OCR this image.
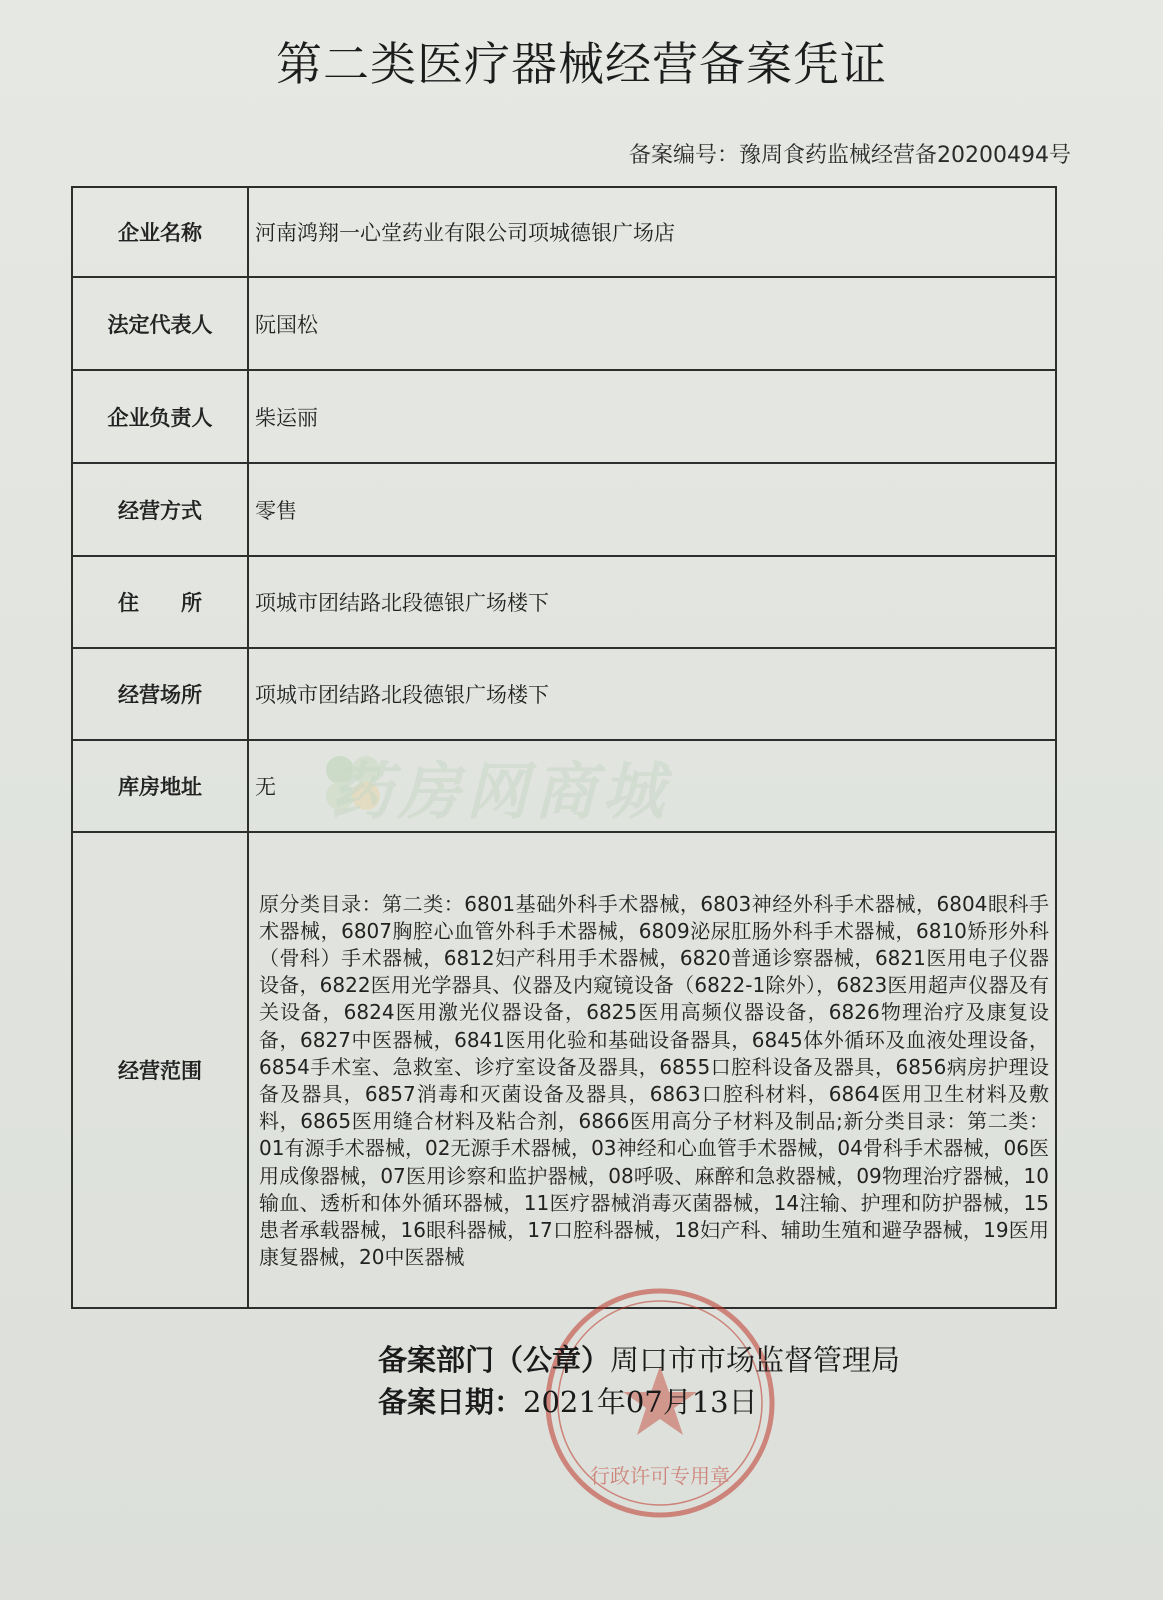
第二类医疗器械经营备案凭证
备案编号：豫周食药监械经营备20200494号
药房网商城
企业名称	河南鸿翔一心堂药业有限公司项城德银广场店
法定代表人	阮国松
企业负责人	柴运丽
经营方式	零售
住　　所	项城市团结路北段德银广场楼下
经营场所	项城市团结路北段德银广场楼下
库房地址	无
经营范围	原分类目录：第二类：6801基础外科手术器械，6803神经外科手术器械，6804眼科手术器械，6807胸腔心血管外科手术器械，6809泌尿肛肠外科手术器械，6810矫形外科（骨科）手术器械，6812妇产科用手术器械，6820普通诊察器械，6821医用电子仪器设备，6822医用光学器具、仪器及内窥镜设备（6822-1除外），6823医用超声仪器及有关设备，6824医用激光仪器设备，6825医用高频仪器设备，6826物理治疗及康复设备，6827中医器械，6841医用化验和基础设备器具，6845体外循环及血液处理设备，6854手术室、急救室、诊疗室设备及器具，6855口腔科设备及器具，6856病房护理设备及器具，6857消毒和灭菌设备及器具，6863口腔科材料，6864医用卫生材料及敷料，6865医用缝合材料及粘合剂，6866医用高分子材料及制品;新分类目录：第二类：01有源手术器械，02无源手术器械，03神经和心血管手术器械，04骨科手术器械，06医用成像器械，07医用诊察和监护器械，08呼吸、麻醉和急救器械，09物理治疗器械，10输血、透析和体外循环器械，11医疗器械消毒灭菌器械，14注输、护理和防护器械，15患者承载器械，16眼科器械，17口腔科器械，18妇产科、辅助生殖和避孕器械，19医用康复器械，20中医器械
行政许可专用章
备案部门（公章）周口市市场监督管理局
备案日期：2021年07月13日
